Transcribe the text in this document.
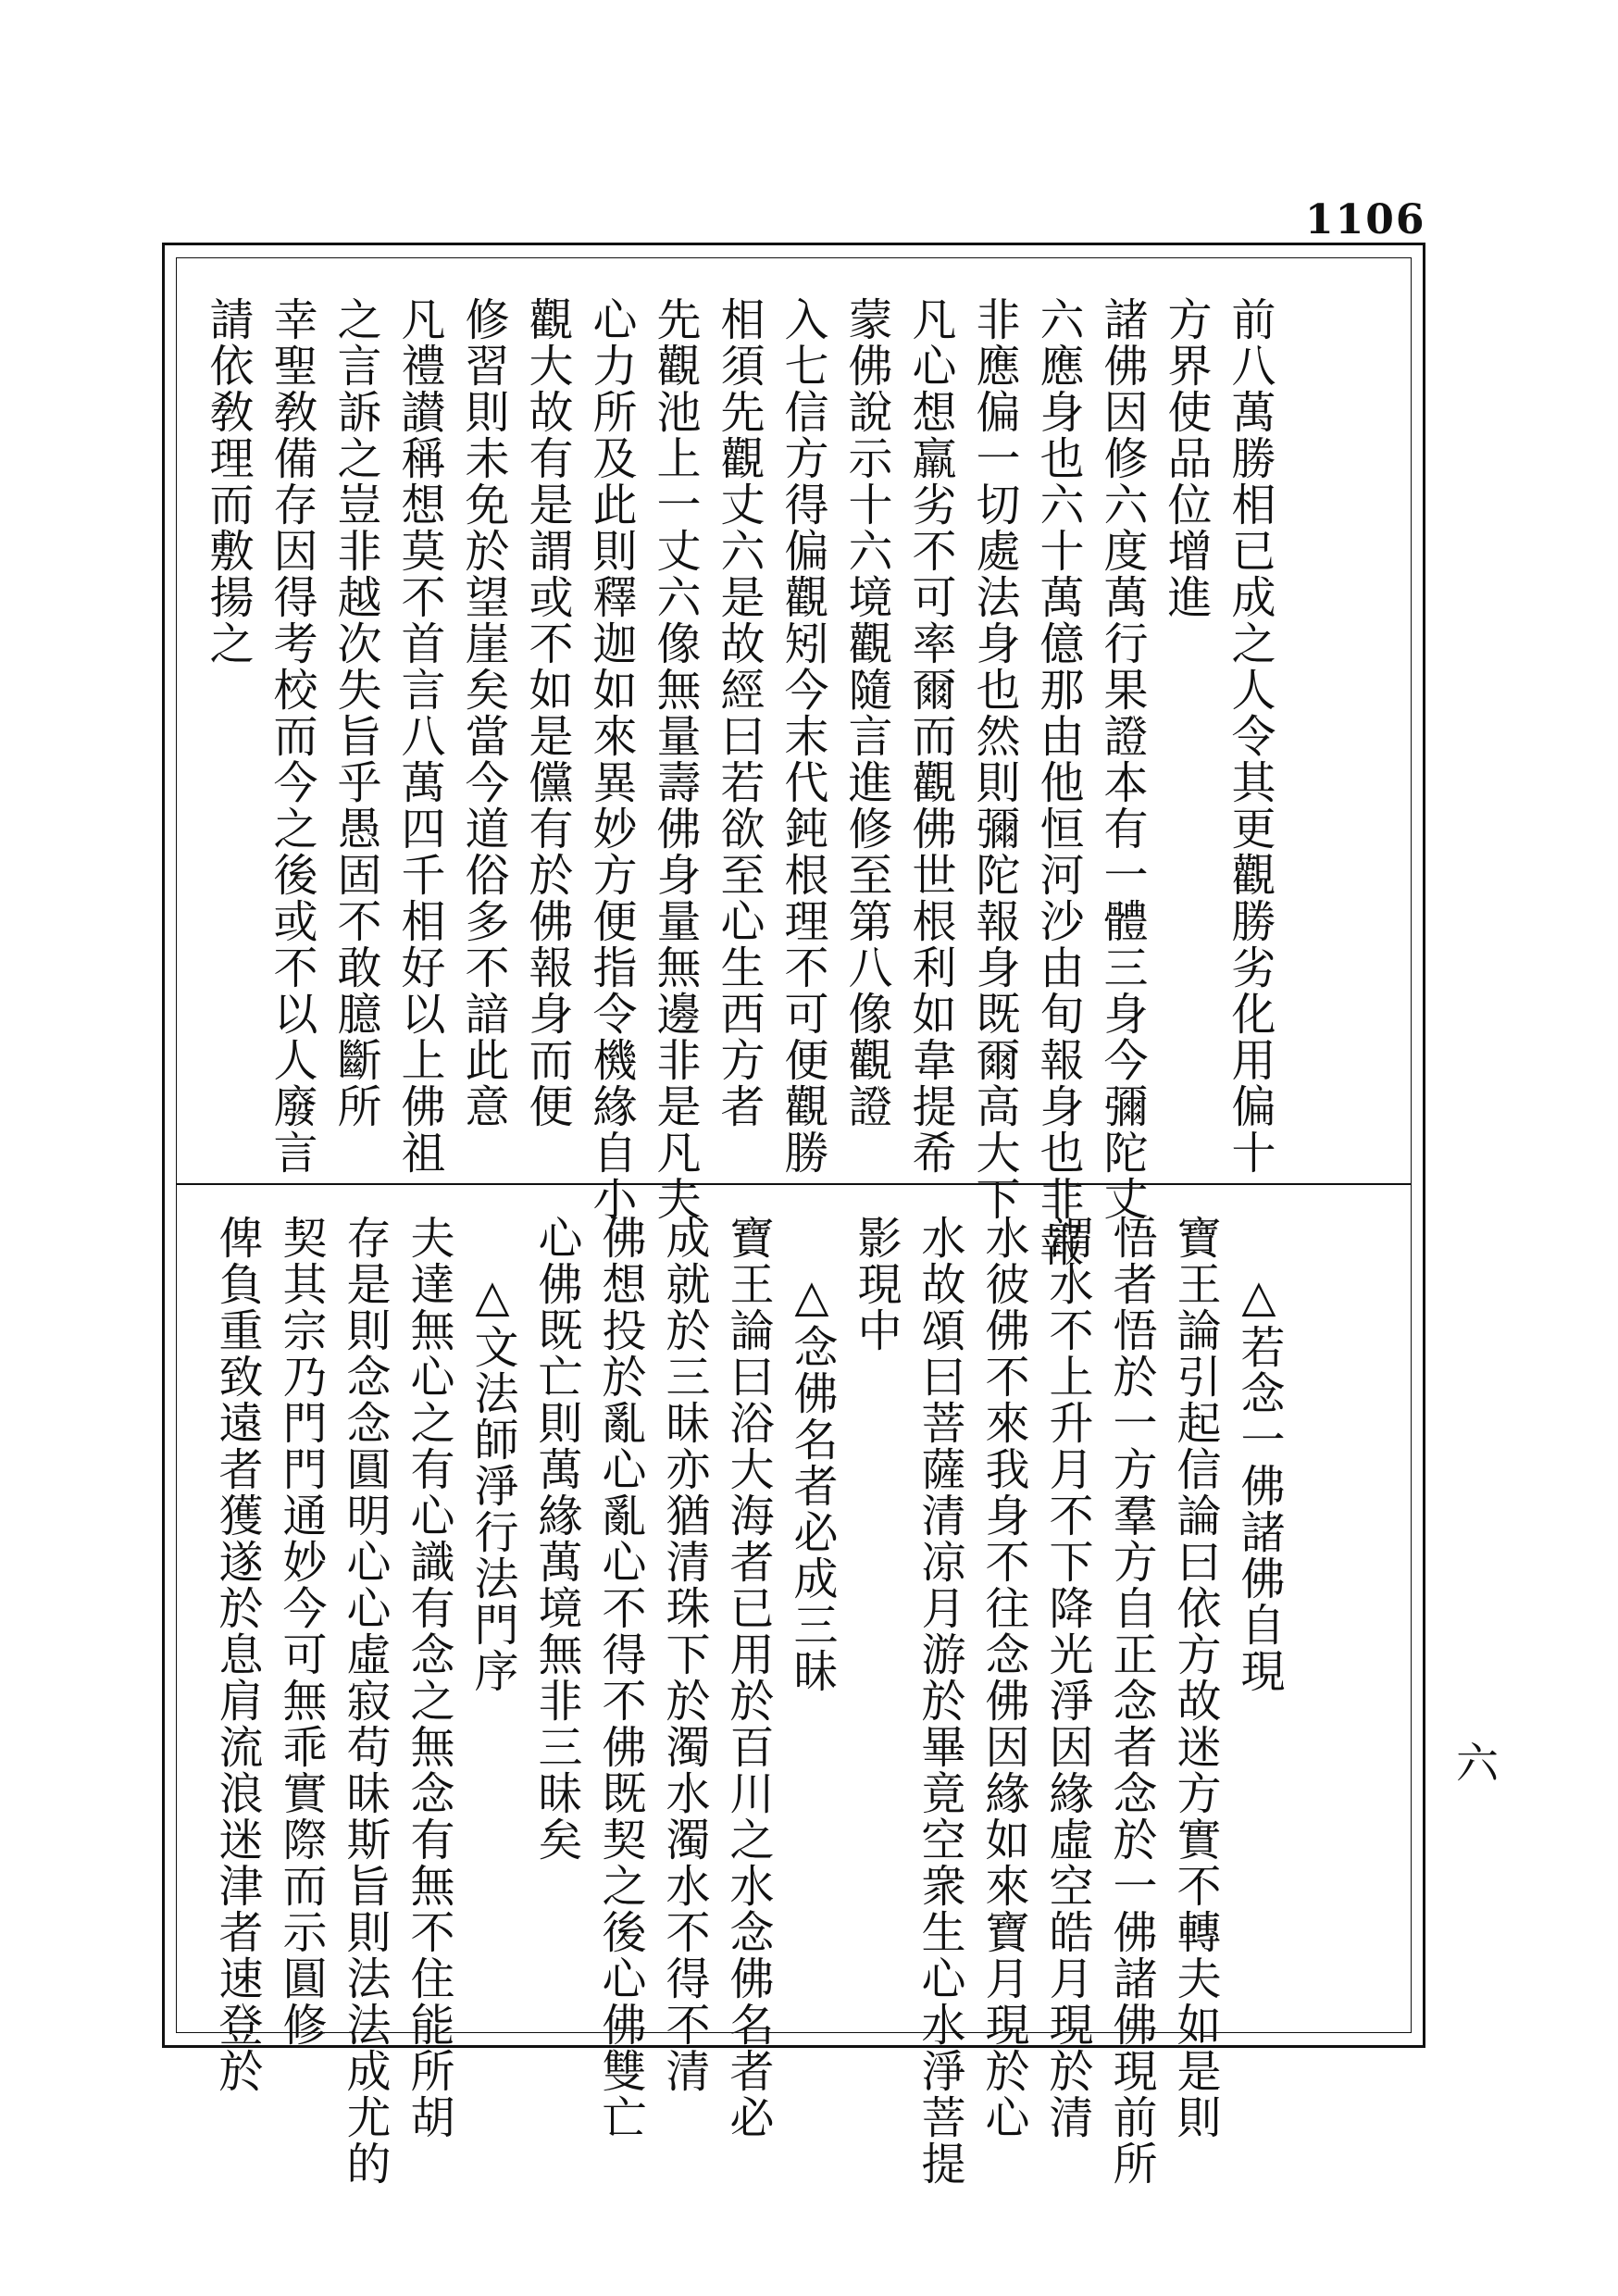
1106
前八萬勝相已成之人令其更觀勝劣化用偏十
方界使品位增進
諸佛因修六度萬行果證本有一體三身今彌陀丈
六應身也六十萬億那由他恒河沙由旬報身也非報
非應偏一切處法身也然則彌陀報身既爾高大下
凡心想羸劣不可率爾而觀佛世根利如韋提希
蒙佛說示十六境觀隨言進修至第八像觀證
入七信方得偏觀矧今末代鈍根理不可便觀勝
相須先觀丈六是故經曰若欲至心生西方者
先觀池上一丈六像無量壽佛身量無邊非是凡夫
心力所及此則釋迦如來異妙方便指令機緣自小
觀大故有是謂或不如是儻有於佛報身而便
修習則未免於望崖矣當今道俗多不諳此意
凡禮讃稱想莫不首言八萬四千相好以上佛祖
之言訴之豈非越次失旨乎愚固不敢臆斷所
幸聖敎備存因得考校而今之後或不以人廢言
請依敎理而敷揚之
△若念一佛諸佛自現
寶王論引起信論曰依方故迷方實不轉夫如是則
悟者悟於一方羣方自正念者念於一佛諸佛現前所
謂水不上升月不下降光淨因緣虛空皓月現於清
水彼佛不來我身不往念佛因緣如來寶月現於心
水故頌曰菩薩清凉月游於畢竟空衆生心水淨菩提
影現中
△念佛名者必成三昧
寶王論曰浴大海者已用於百川之水念佛名者必
成就於三昧亦猶清珠下於濁水濁水不得不清
佛想投於亂心亂心不得不佛既契之後心佛雙亡
心佛既亡則萬緣萬境無非三昧矣
△文法師淨行法門序
夫達無心之有心識有念之無念有無不住能所胡
存是則念念圓明心心虛寂苟昧斯旨則法法成尤的
契其宗乃門門通妙今可無乖實際而示圓修
俾負重致遠者獲遂於息肩流浪迷津者速登於	六
